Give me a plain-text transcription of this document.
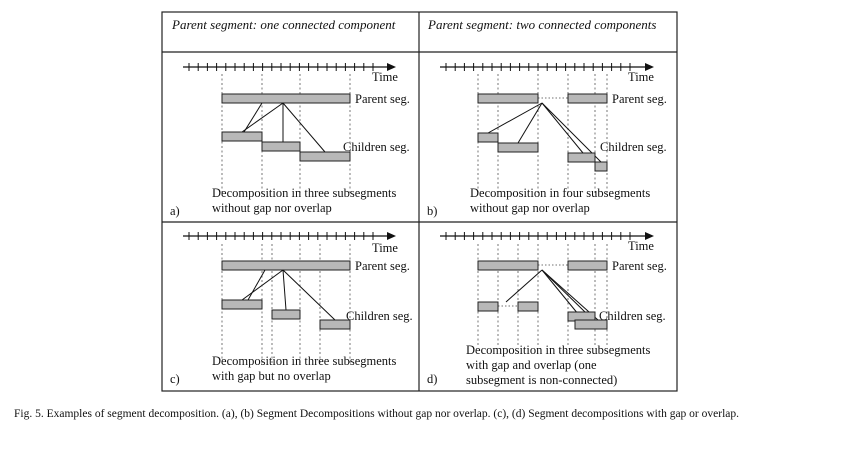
Parent segment: one connected component	Parent segment: two connected components
Time
Parent seg.
Children seg.
Decomposition in three subsegments
without gap nor overlap
a)
Time
Parent seg.
Children seg.
Decomposition in four subsegments
without gap nor overlap
b)
Time
Parent seg.
Children seg.
Decomposition in three subsegments
with gap but no overlap
c)
Time
Parent seg.
Children seg.
Decomposition in three subsegments
with gap and overlap (one
subsegment is non-connected)
d)
Fig. 5. Examples of segment decomposition. (a), (b) Segment Decompositions without gap nor overlap. (c), (d) Segment decompositions with gap or overlap.
